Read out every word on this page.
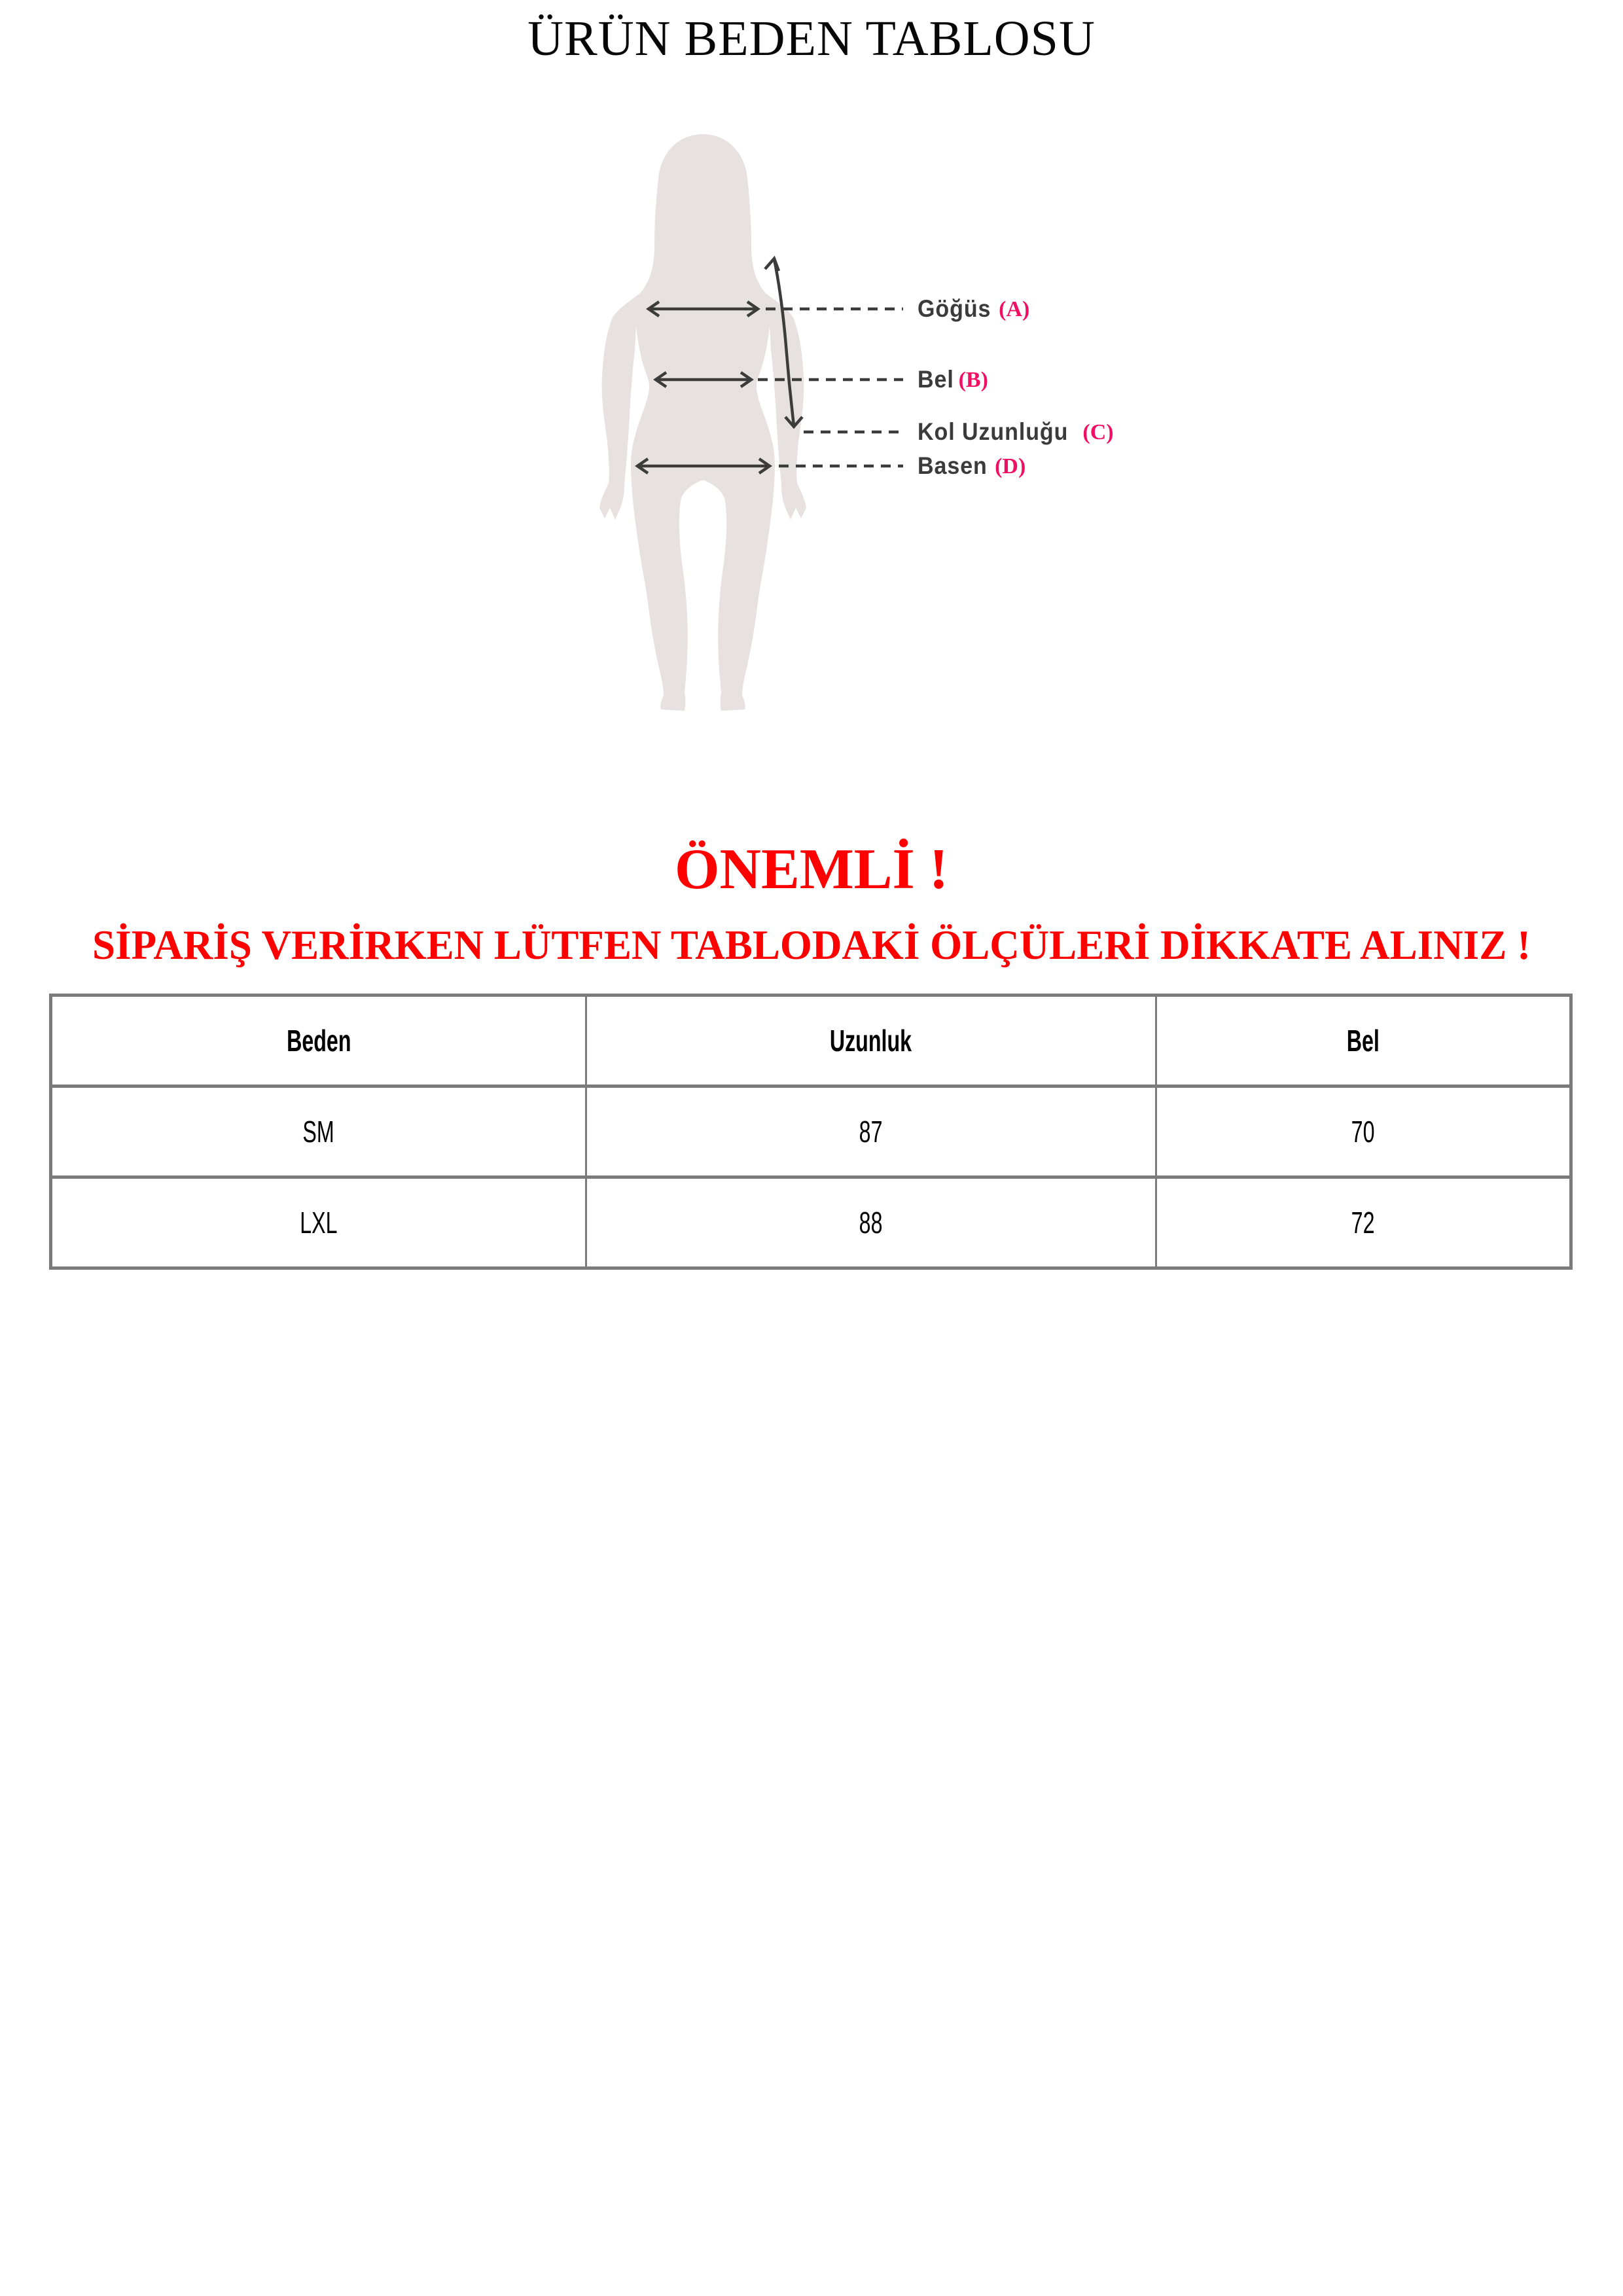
ÜRÜN BEDEN TABLOSU
Göğüs (A)
Bel (B)
Kol Uzunluğu (C)
Basen (D)
ÖNEMLİ !
SİPARİŞ VERİRKEN LÜTFEN TABLODAKİ ÖLÇÜLERİ DİKKATE ALINIZ !
Beden	Uzunluk	Bel
SM	87	70
LXL	88	72
